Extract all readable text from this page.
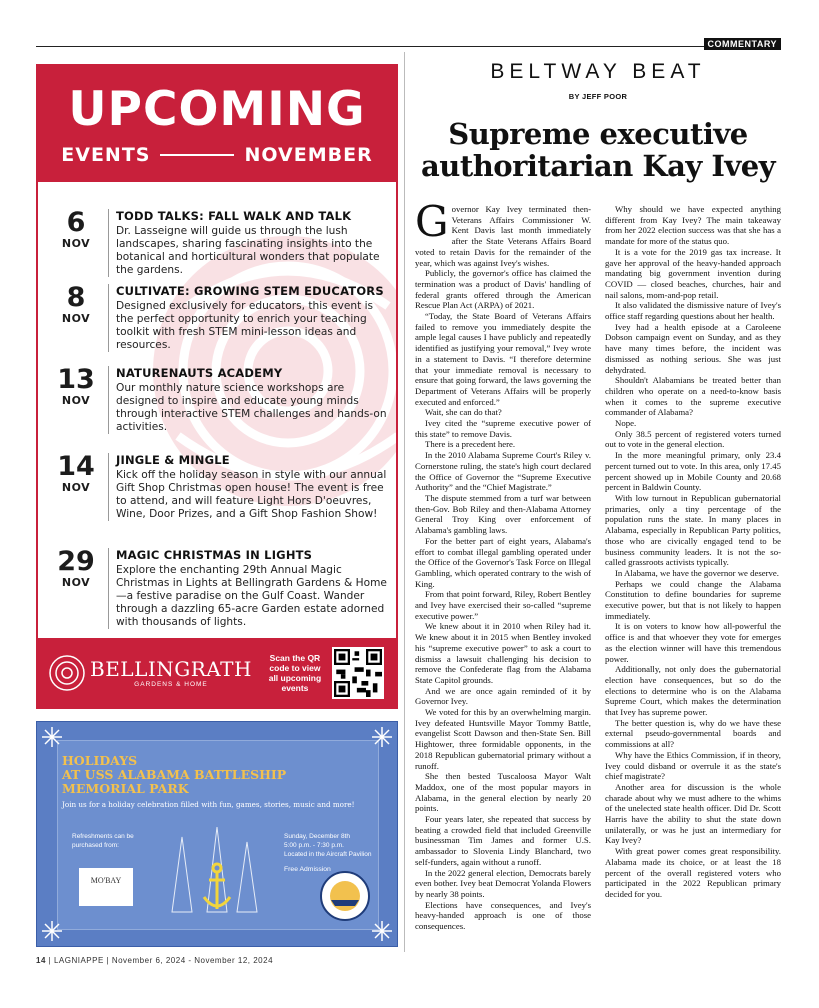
COMMENTARY
UPCOMING
EVENTS	NOVEMBER
6
NOV
TODD TALKS: FALL WALK AND TALK
Dr. Lasseigne will guide us through the lush landscapes, sharing fascinating insights into the botanical and horticultural wonders that populate the gardens.
8
NOV
CULTIVATE: GROWING STEM EDUCATORS
Designed exclusively for educators, this event is the perfect opportunity to enrich your teaching toolkit with fresh STEM mini-lesson ideas and resources.
13
NOV
NATURENAUTS ACADEMY
Our monthly nature science workshops are designed to inspire and educate young minds through interactive STEM challenges and hands-on activities.
14
NOV
JINGLE & MINGLE
Kick off the holiday season in style with our annual Gift Shop Christmas open house! The event is free to attend, and will feature Light Hors D'oeuvres, Wine, Door Prizes, and a Gift Shop Fashion Show!
29
NOV
MAGIC CHRISTMAS IN LIGHTS
Explore the enchanting 29th Annual Magic Christmas in Lights at Bellingrath Gardens & Home—a festive paradise on the Gulf Coast. Wander through a dazzling 65-acre Garden estate adorned with thousands of lights.
BELLINGRATH
GARDENS & HOME
Scan the QR code to view all upcoming events
HOLIDAYS
AT USS ALABAMA BATTLESHIP
MEMORIAL PARK
Join us for a holiday celebration filled with fun, games, stories, music and more!
Refreshments can be purchased from:
MO'BAY
Sunday, December 8th
5:00 p.m. - 7:30 p.m.
Located in the Aircraft Pavilion
Free Admission
BELTWAY BEAT
BY JEFF POOR
Supreme executive authoritarian Kay Ivey

Governor Kay Ivey terminated then-Veterans Affairs Commissioner W. Kent Davis last month immediately after the State Veterans Affairs Board voted to retain Davis for the remainder of the year, which was against Ivey's wishes.

Publicly, the governor's office has claimed the termination was a product of Davis' handling of federal grants offered through the American Rescue Plan Act (ARPA) of 2021.

“Today, the State Board of Veterans Affairs failed to remove you immediately despite the ample legal causes I have publicly and repeatedly identified as justifying your removal,” Ivey wrote in a statement to Davis. “I therefore determine that your immediate removal is necessary to ensure that going forward, the laws governing the Department of Veterans Affairs will be properly executed and enforced.”

Wait, she can do that?

Ivey cited the “supreme executive power of this state” to remove Davis.

There is a precedent here.

In the 2010 Alabama Supreme Court's Riley v. Cornerstone ruling, the state's high court declared the Office of Governor the “Supreme Executive Authority” and the “Chief Magistrate.”

The dispute stemmed from a turf war between then-Gov. Bob Riley and then-Alabama Attorney General Troy King over enforcement of Alabama's gambling laws.

For the better part of eight years, Alabama's effort to combat illegal gambling operated under the Office of the Governor's Task Force on Illegal Gambling, which operated contrary to the wish of King.

From that point forward, Riley, Robert Bentley and Ivey have exercised their so-called “supreme executive power.”

We knew about it in 2010 when Riley had it. We knew about it in 2015 when Bentley invoked his “supreme executive power” to ask a court to dismiss a lawsuit challenging his decision to remove the Confederate flag from the Alabama State Capitol grounds.

And we are once again reminded of it by Governor Ivey.

We voted for this by an overwhelming margin. Ivey defeated Huntsville Mayor Tommy Battle, evangelist Scott Dawson and then-State Sen. Bill Hightower, three formidable opponents, in the 2018 Republican gubernatorial primary without a runoff.

She then bested Tuscaloosa Mayor Walt Maddox, one of the most popular mayors in Alabama, in the general election by nearly 20 points.

Four years later, she repeated that success by beating a crowded field that included Greenville businessman Tim James and former U.S. ambassador to Slovenia Lindy Blanchard, two self-funders, again without a runoff.

In the 2022 general election, Democrats barely even bother. Ivey beat Democrat Yolanda Flowers by nearly 38 points.

Elections have consequences, and Ivey's heavy-handed approach is one of those consequences.

Why should we have expected anything different from Kay Ivey? The main takeaway from her 2022 election success was that she has a mandate for more of the status quo.

It is a vote for the 2019 gas tax increase. It gave her approval of the heavy-handed approach mandating big government invention during COVID — closed beaches, churches, hair and nail salons, mom-and-pop retail.

It also validated the dismissive nature of Ivey's office staff regarding questions about her health.

Ivey had a health episode at a Caroleene Dobson campaign event on Sunday, and as they have many times before, the incident was dismissed as nothing serious. She was just dehydrated.

Shouldn't Alabamians be treated better than children who operate on a need-to-know basis when it comes to the supreme executive commander of Alabama?

Nope.

Only 38.5 percent of registered voters turned out to vote in the general election.

In the more meaningful primary, only 23.4 percent turned out to vote. In this area, only 17.45 percent showed up in Mobile County and 20.68 percent in Baldwin County.

With low turnout in Republican gubernatorial primaries, only a tiny percentage of the population runs the state. In many places in Alabama, especially in Republican Party politics, those who are civically engaged tend to be business community leaders. It is not the so-called grassroots activists typically.

In Alabama, we have the governor we deserve.

Perhaps we could change the Alabama Constitution to define boundaries for supreme executive power, but that is not likely to happen immediately.

It is on voters to know how all-powerful the office is and that whoever they vote for emerges as the election winner will have this tremendous power.

Additionally, not only does the gubernatorial election have consequences, but so do the elections to determine who is on the Alabama Supreme Court, which makes the determination that Ivey has supreme power.

The better question is, why do we have these external pseudo-governmental boards and commissions at all?

Why have the Ethics Commission, if in theory, Ivey could disband or overrule it as the state's chief magistrate?

Another area for discussion is the whole charade about why we must adhere to the whims of the unelected state health officer. Did Dr. Scott Harris have the ability to shut the state down unilaterally, or was he just an intermediary for Kay Ivey?

With great power comes great responsibility. Alabama made its choice, or at least the 18 percent of the overall registered voters who participated in the 2022 Republican primary decided for you.

14 | LAGNIAPPE | November 6, 2024 - November 12, 2024
